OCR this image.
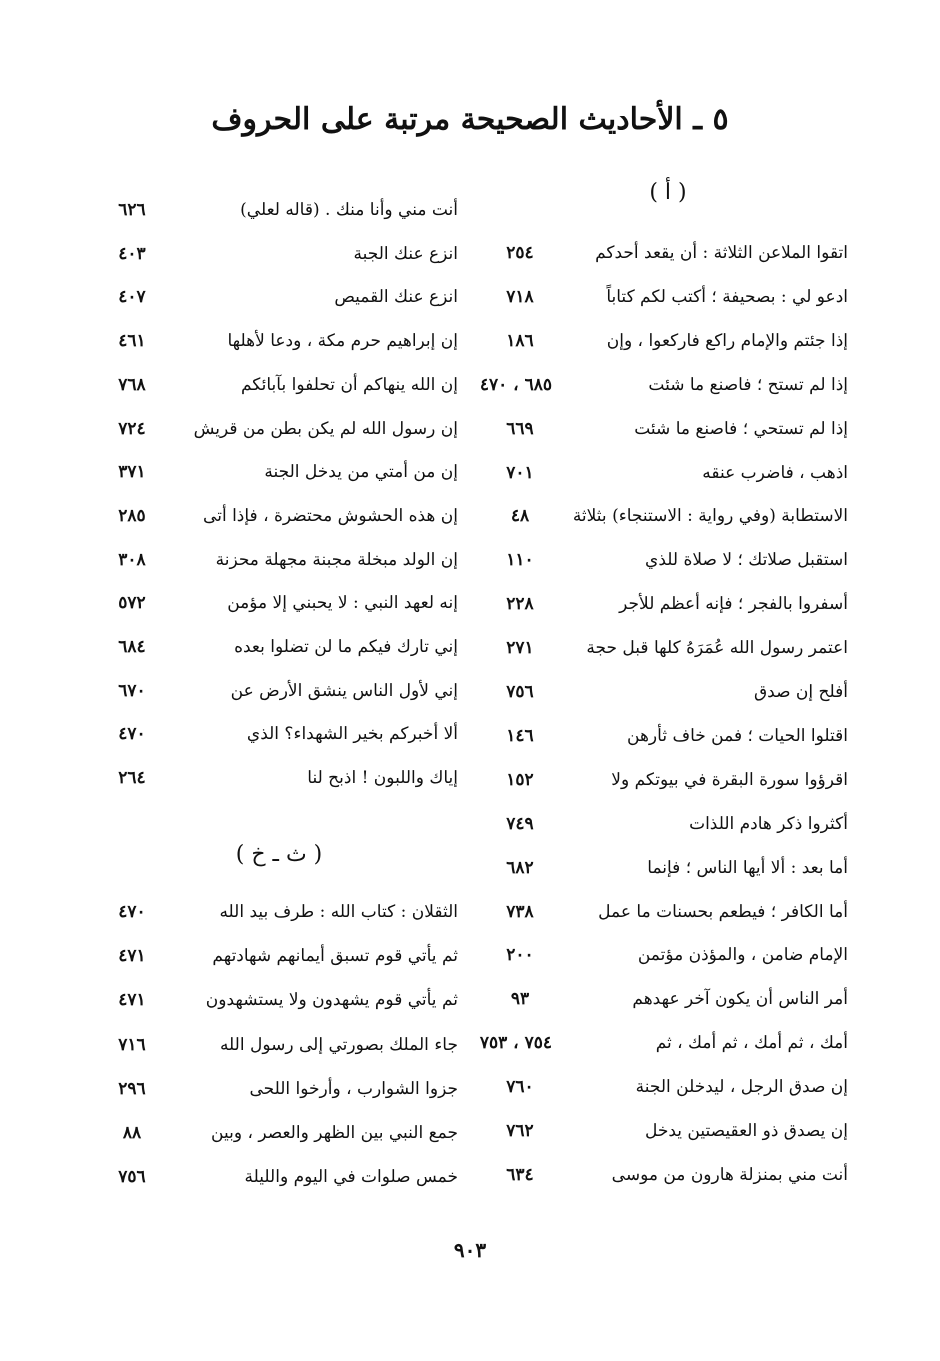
٥ ـ الأحاديث الصحيحة مرتبة على الحروف
( أ )
اتقوا الملاعن الثلاثة : أن يقعد أحدكم
٢٥٤
ادعو لي : بصحيفة ؛ أكتب لكم كتاباً
٧١٨
إذا جئتم والإمام راكع فاركعوا ، وإن
١٨٦
إذا لم تستح ؛ فاصنع ما شئت
٦٨٥ ، ٤٧٠
إذا لم تستحي ؛ فاصنع ما شئت
٦٦٩
اذهب ، فاضرب عنقه
٧٠١
الاستطابة (وفي رواية : الاستنجاء) بثلاثة
٤٨
استقبل صلاتك ؛ لا صلاة للذي
١١٠
أسفروا بالفجر ؛ فإنه أعظم للأجر
٢٢٨
اعتمر رسول الله عُمَرَهُ كلها قبل حجة
٢٧١
أفلح إن صدق
٧٥٦
اقتلوا الحيات ؛ فمن خاف ثأرهن
١٤٦
اقرؤوا سورة البقرة في بيوتكم ولا
١٥٢
أكثروا ذكر هادم اللذات
٧٤٩
أما بعد : ألا أيها الناس ؛ فإنما
٦٨٢
أما الكافر ؛ فيطعم بحسنات ما عمل
٧٣٨
الإمام ضامن ، والمؤذن مؤتمن
٢٠٠
أمر الناس أن يكون آخر عهدهم
٩٣
أمك ، ثم أمك ، ثم أمك ، ثم
٧٥٤ ، ٧٥٣
إن صدق الرجل ، ليدخلن الجنة
٧٦٠
إن يصدق ذو العقيصتين يدخل
٧٦٢
أنت مني بمنزلة هارون من موسى
٦٣٤
( ث ـ خ )
أنت مني وأنا منك . (قاله لعلي)
٦٢٦
انزع عنك الجبة
٤٠٣
انزع عنك القميص
٤٠٧
إن إبراهيم حرم مكة ، ودعا لأهلها
٤٦١
إن الله ينهاكم أن تحلفوا بآبائكم
٧٦٨
إن رسول الله لم يكن بطن من قريش
٧٢٤
إن من أمتي من يدخل الجنة
٣٧١
إن هذه الحشوش محتضرة ، فإذا أتى
٢٨٥
إن الولد مبخلة مجبنة مجهلة محزنة
٣٠٨
إنه لعهد النبي : لا يحبني إلا مؤمن
٥٧٢
إني تارك فيكم ما لن تضلوا بعده
٦٨٤
إني لأول الناس ينشق الأرض عن
٦٧٠
ألا أخبركم بخير الشهداء؟ الذي
٤٧٠
إياك واللبون ! اذبح لنا
٢٦٤
الثقلان : كتاب الله : طرف بيد الله
٤٧٠
ثم يأتي قوم تسبق أيمانهم شهادتهم
٤٧١
ثم يأتي قوم يشهدون ولا يستشهدون
٤٧١
جاء الملك بصورتي إلى رسول الله
٧١٦
جزوا الشوارب ، وأرخوا اللحى
٢٩٦
جمع النبي بين الظهر والعصر ، وبين
٨٨
خمس صلوات في اليوم والليلة
٧٥٦
٩٠٣
